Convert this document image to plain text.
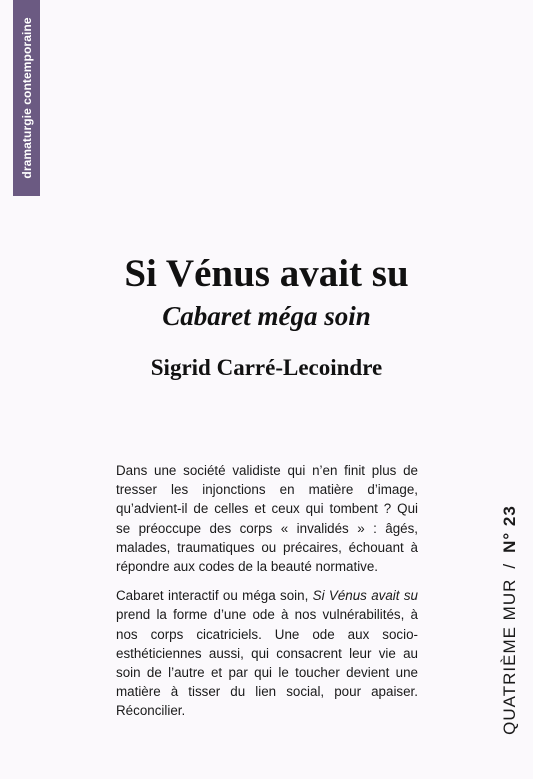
dramaturgie contemporaine
Si Vénus avait su
Cabaret méga soin
Sigrid Carré-Lecoindre

Dans une société validiste qui n’en finit plus de tresser les injonctions en matière d’image, qu’advient-il de celles et ceux qui tombent ? Qui se préoccupe des corps « invalidés » : âgés, malades, traumatiques ou précaires, échouant à répondre aux codes de la beauté normative.

Cabaret interactif ou méga soin, Si Vénus avait su prend la forme d’une ode à nos vulnérabilités, à nos corps cicatriciels. Une ode aux socio-esthéticiennes aussi, qui consacrent leur vie au soin de l’autre et par qui le toucher devient une matière à tisser du lien social, pour apaiser. Réconcilier.	QUATRIÈME MUR/N° 23
